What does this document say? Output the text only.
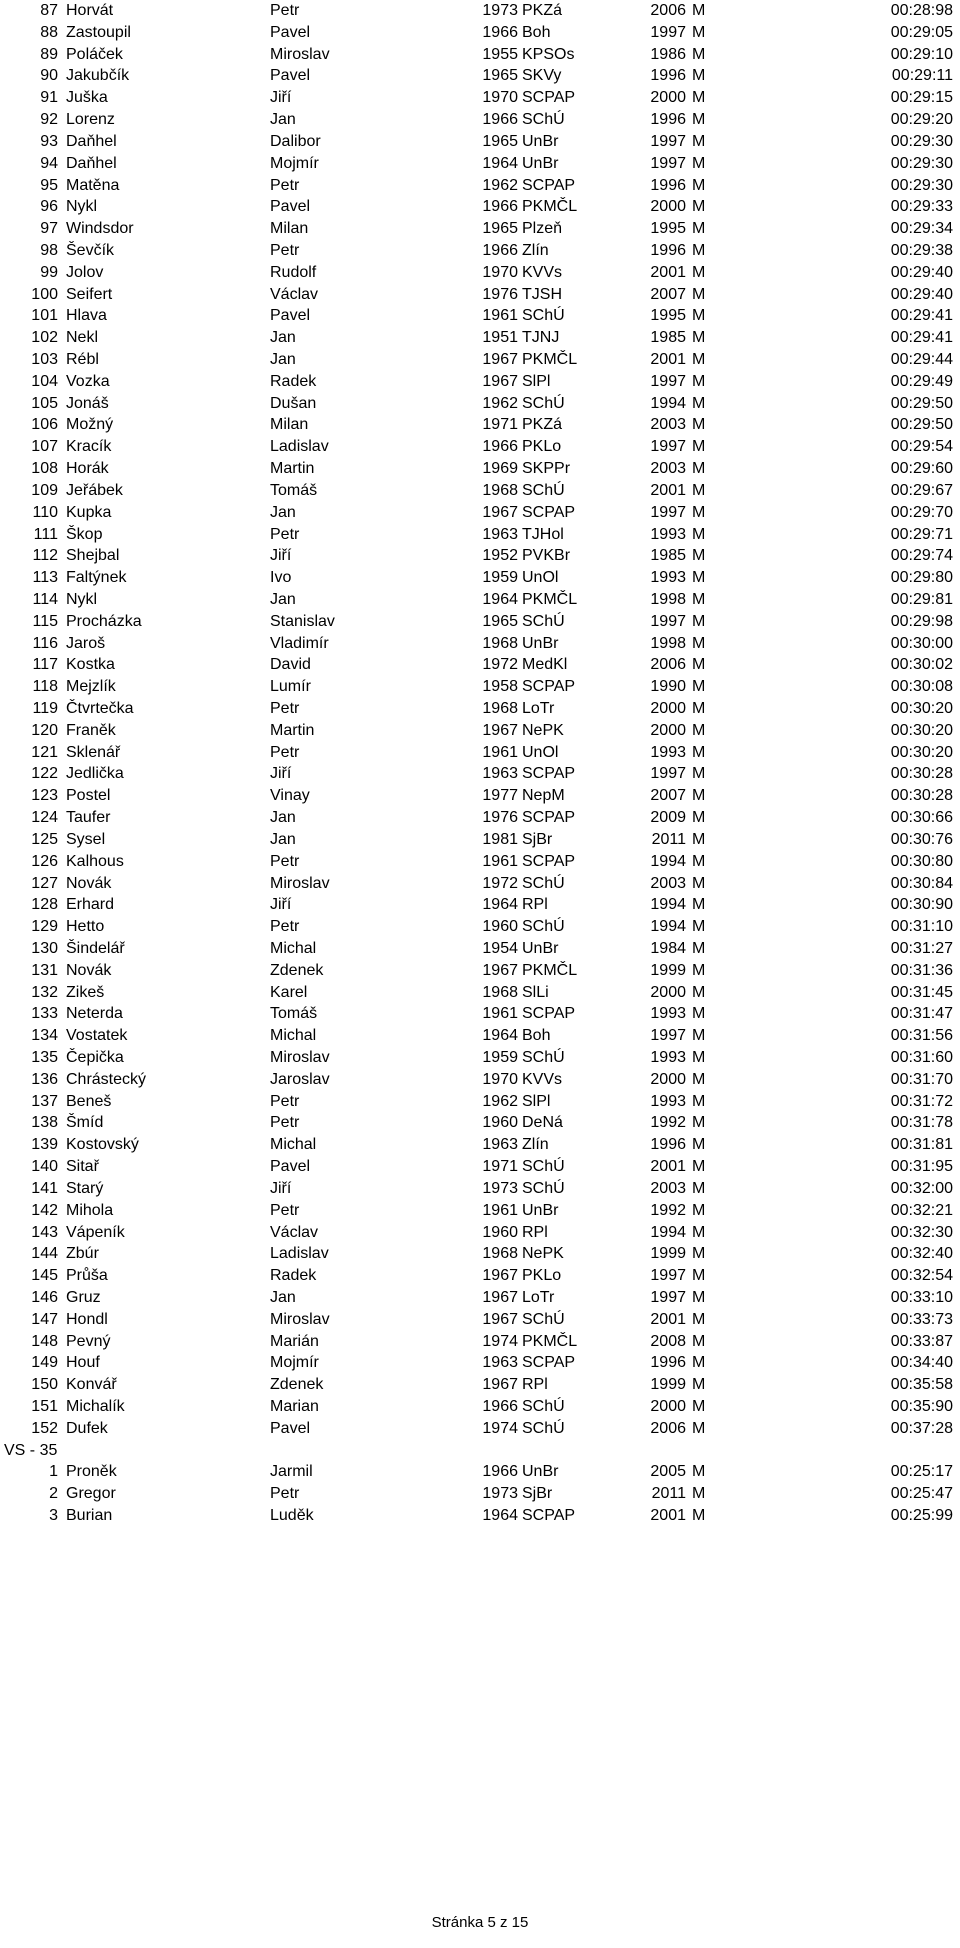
87 Horvát	Petr	1973 PKZá	2006 M	00:28:98
88 Zastoupil	Pavel	1966 Boh	1997 M	00:29:05
89 Poláček	Miroslav	1955 KPSOs	1986 M	00:29:10
90 Jakubčík	Pavel	1965 SKVy	1996 M	00:29:11
91 Juška	Jiří	1970 SCPAP	2000 M	00:29:15
92 Lorenz	Jan	1966 SChÚ	1996 M	00:29:20
93 Daňhel	Dalibor	1965 UnBr	1997 M	00:29:30
94 Daňhel	Mojmír	1964 UnBr	1997 M	00:29:30
95 Matěna	Petr	1962 SCPAP	1996 M	00:29:30
96 Nykl	Pavel	1966 PKMČL	2000 M	00:29:33
97 Windsdor	Milan	1965 Plzeň	1995 M	00:29:34
98 Ševčík	Petr	1966 Zlín	1996 M	00:29:38
99 Jolov	Rudolf	1970 KVVs	2001 M	00:29:40
100 Seifert	Václav	1976 TJSH	2007 M	00:29:40
101 Hlava	Pavel	1961 SChÚ	1995 M	00:29:41
102 Nekl	Jan	1951 TJNJ	1985 M	00:29:41
103 Rébl	Jan	1967 PKMČL	2001 M	00:29:44
104 Vozka	Radek	1967 SlPl	1997 M	00:29:49
105 Jonáš	Dušan	1962 SChÚ	1994 M	00:29:50
106 Možný	Milan	1971 PKZá	2003 M	00:29:50
107 Kracík	Ladislav	1966 PKLo	1997 M	00:29:54
108 Horák	Martin	1969 SKPPr	2003 M	00:29:60
109 Jeřábek	Tomáš	1968 SChÚ	2001 M	00:29:67
110 Kupka	Jan	1967 SCPAP	1997 M	00:29:70
111 Škop	Petr	1963 TJHol	1993 M	00:29:71
112 Shejbal	Jiří	1952 PVKBr	1985 M	00:29:74
113 Faltýnek	Ivo	1959 UnOl	1993 M	00:29:80
114 Nykl	Jan	1964 PKMČL	1998 M	00:29:81
115 Procházka	Stanislav	1965 SChÚ	1997 M	00:29:98
116 Jaroš	Vladimír	1968 UnBr	1998 M	00:30:00
117 Kostka	David	1972 MedKl	2006 M	00:30:02
118 Mejzlík	Lumír	1958 SCPAP	1990 M	00:30:08
119 Čtvrtečka	Petr	1968 LoTr	2000 M	00:30:20
120 Franěk	Martin	1967 NePK	2000 M	00:30:20
121 Sklenář	Petr	1961 UnOl	1993 M	00:30:20
122 Jedlička	Jiří	1963 SCPAP	1997 M	00:30:28
123 Postel	Vinay	1977 NepM	2007 M	00:30:28
124 Taufer	Jan	1976 SCPAP	2009 M	00:30:66
125 Sysel	Jan	1981 SjBr	2011 M	00:30:76
126 Kalhous	Petr	1961 SCPAP	1994 M	00:30:80
127 Novák	Miroslav	1972 SChÚ	2003 M	00:30:84
128 Erhard	Jiří	1964 RPl	1994 M	00:30:90
129 Hetto	Petr	1960 SChÚ	1994 M	00:31:10
130 Šindelář	Michal	1954 UnBr	1984 M	00:31:27
131 Novák	Zdenek	1967 PKMČL	1999 M	00:31:36
132 Zikeš	Karel	1968 SlLi	2000 M	00:31:45
133 Neterda	Tomáš	1961 SCPAP	1993 M	00:31:47
134 Vostatek	Michal	1964 Boh	1997 M	00:31:56
135 Čepička	Miroslav	1959 SChÚ	1993 M	00:31:60
136 Chrástecký	Jaroslav	1970 KVVs	2000 M	00:31:70
137 Beneš	Petr	1962 SlPl	1993 M	00:31:72
138 Šmíd	Petr	1960 DeNá	1992 M	00:31:78
139 Kostovský	Michal	1963 Zlín	1996 M	00:31:81
140 Sitař	Pavel	1971 SChÚ	2001 M	00:31:95
141 Starý	Jiří	1973 SChÚ	2003 M	00:32:00
142 Mihola	Petr	1961 UnBr	1992 M	00:32:21
143 Vápeník	Václav	1960 RPl	1994 M	00:32:30
144 Zbúr	Ladislav	1968 NePK	1999 M	00:32:40
145 Průša	Radek	1967 PKLo	1997 M	00:32:54
146 Gruz	Jan	1967 LoTr	1997 M	00:33:10
147 Hondl	Miroslav	1967 SChÚ	2001 M	00:33:73
148 Pevný	Marián	1974 PKMČL	2008 M	00:33:87
149 Houf	Mojmír	1963 SCPAP	1996 M	00:34:40
150 Konvář	Zdenek	1967 RPl	1999 M	00:35:58
151 Michalík	Marian	1966 SChÚ	2000 M	00:35:90
152 Dufek	Pavel	1974 SChÚ	2006 M	00:37:28
VS - 35
1 Proněk	Jarmil	1966 UnBr	2005 M	00:25:17
2 Gregor	Petr	1973 SjBr	2011 M	00:25:47
3 Burian	Luděk	1964 SCPAP	2001 M	00:25:99
Stránka 5 z 15
